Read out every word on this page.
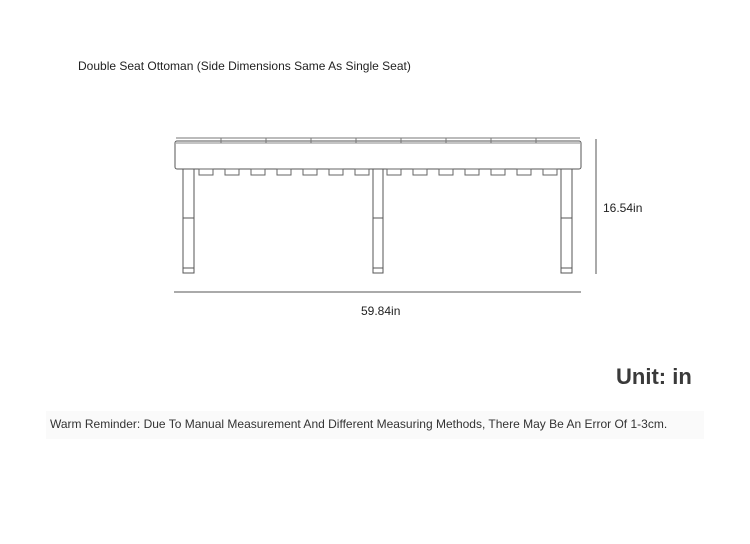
Double Seat Ottoman (Side Dimensions Same As Single Seat)
16.54in
59.84in
Unit: in
Warm Reminder: Due To Manual Measurement And Different Measuring Methods, There May Be An Error Of 1-3cm.
